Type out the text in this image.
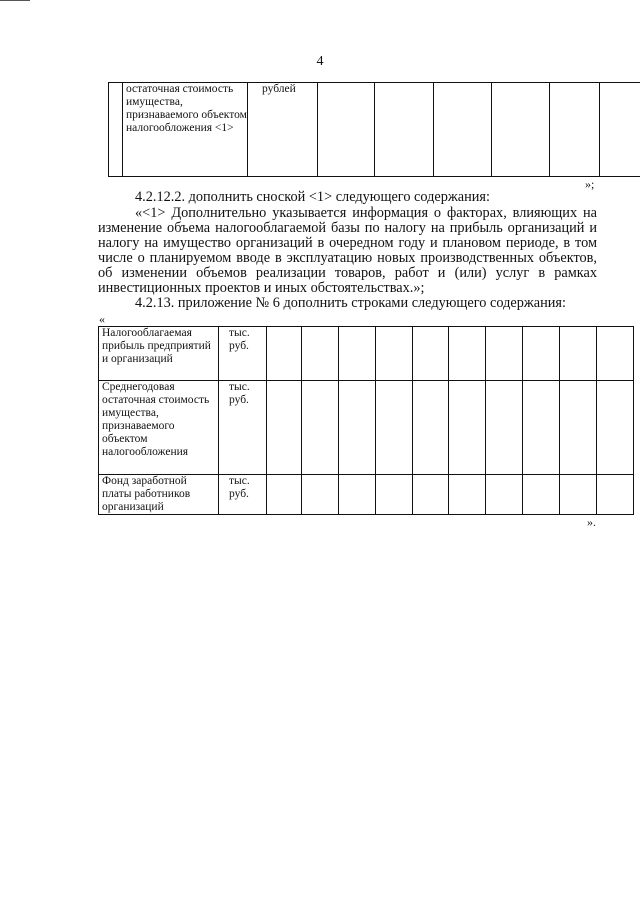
4
	остаточная стоимость имущества, признаваемого объектом налогообложения <1>	рублей						
»;

4.2.12.2. дополнить сноской <1> следующего содержания:

«<1> Дополнительно указывается информация о факторах, влияющих на изменение объема налогооблагаемой базы по налогу на прибыль организаций и налогу на имущество организаций в очередном году и плановом периоде, в том числе о планируемом вводе в эксплуатацию новых производственных объектов, об изменении объемов реализации товаров, работ и (или) услуг в рамках инвестиционных проектов и иных обстоятельствах.»;

4.2.13. приложение № 6 дополнить строками следующего содержания:

«
Налогооблагаемая прибыль предприятий и организаций	тыс. руб.										
Среднегодовая остаточная стоимость имущества, признаваемого объектом налогообложения	тыс. руб.										
Фонд заработной платы работников организаций	тыс. руб.										
».
